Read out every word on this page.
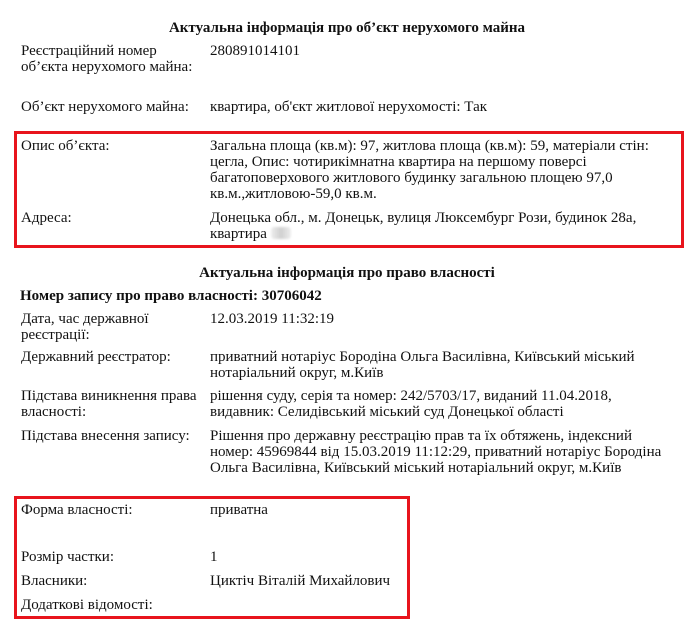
Актуальна інформація про об’єкт нерухомого майна
Реєстраційний номер об’єкта нерухомого майна:
280891014101
Об’єкт нерухомого майна:	квартира, об'єкт житлової нерухомості: Так
Опис об’єкта:	Загальна площа (кв.м): 97, житлова площа (кв.м): 59, матеріали стін: цегла, Опис: чотирикімнатна квартира на першому поверсі багатоповерхового житлового будинку загальною площею 97,0 кв.м.,житловою-59,0 кв.м.
Адреса:	Донецька обл., м. Донецьк, вулиця Люксембург Рози, будинок 28а, квартира
Актуальна інформація про право власності
Номер запису про право власності: 30706042
Дата, час державної реєстрації:
12.03.2019 11:32:19
Державний реєстратор:	приватний нотаріус Бородіна Ольга Василівна, Київський міський нотаріальний округ, м.Київ
Підстава виникнення права власності:
рішення суду, серія та номер: 242/5703/17, виданий 11.04.2018, видавник: Селидівський міський суд Донецької області
Підстава внесення запису:	Рішення про державну реєстрацію прав та їх обтяжень, індексний номер: 45969844 від 15.03.2019 11:12:29, приватний нотаріус Бородіна Ольга Василівна, Київський міський нотаріальний округ, м.Київ
Форма власності:	приватна
Розмір частки:	1
Власники:	Циктіч Віталій Михайлович
Додаткові відомості:
